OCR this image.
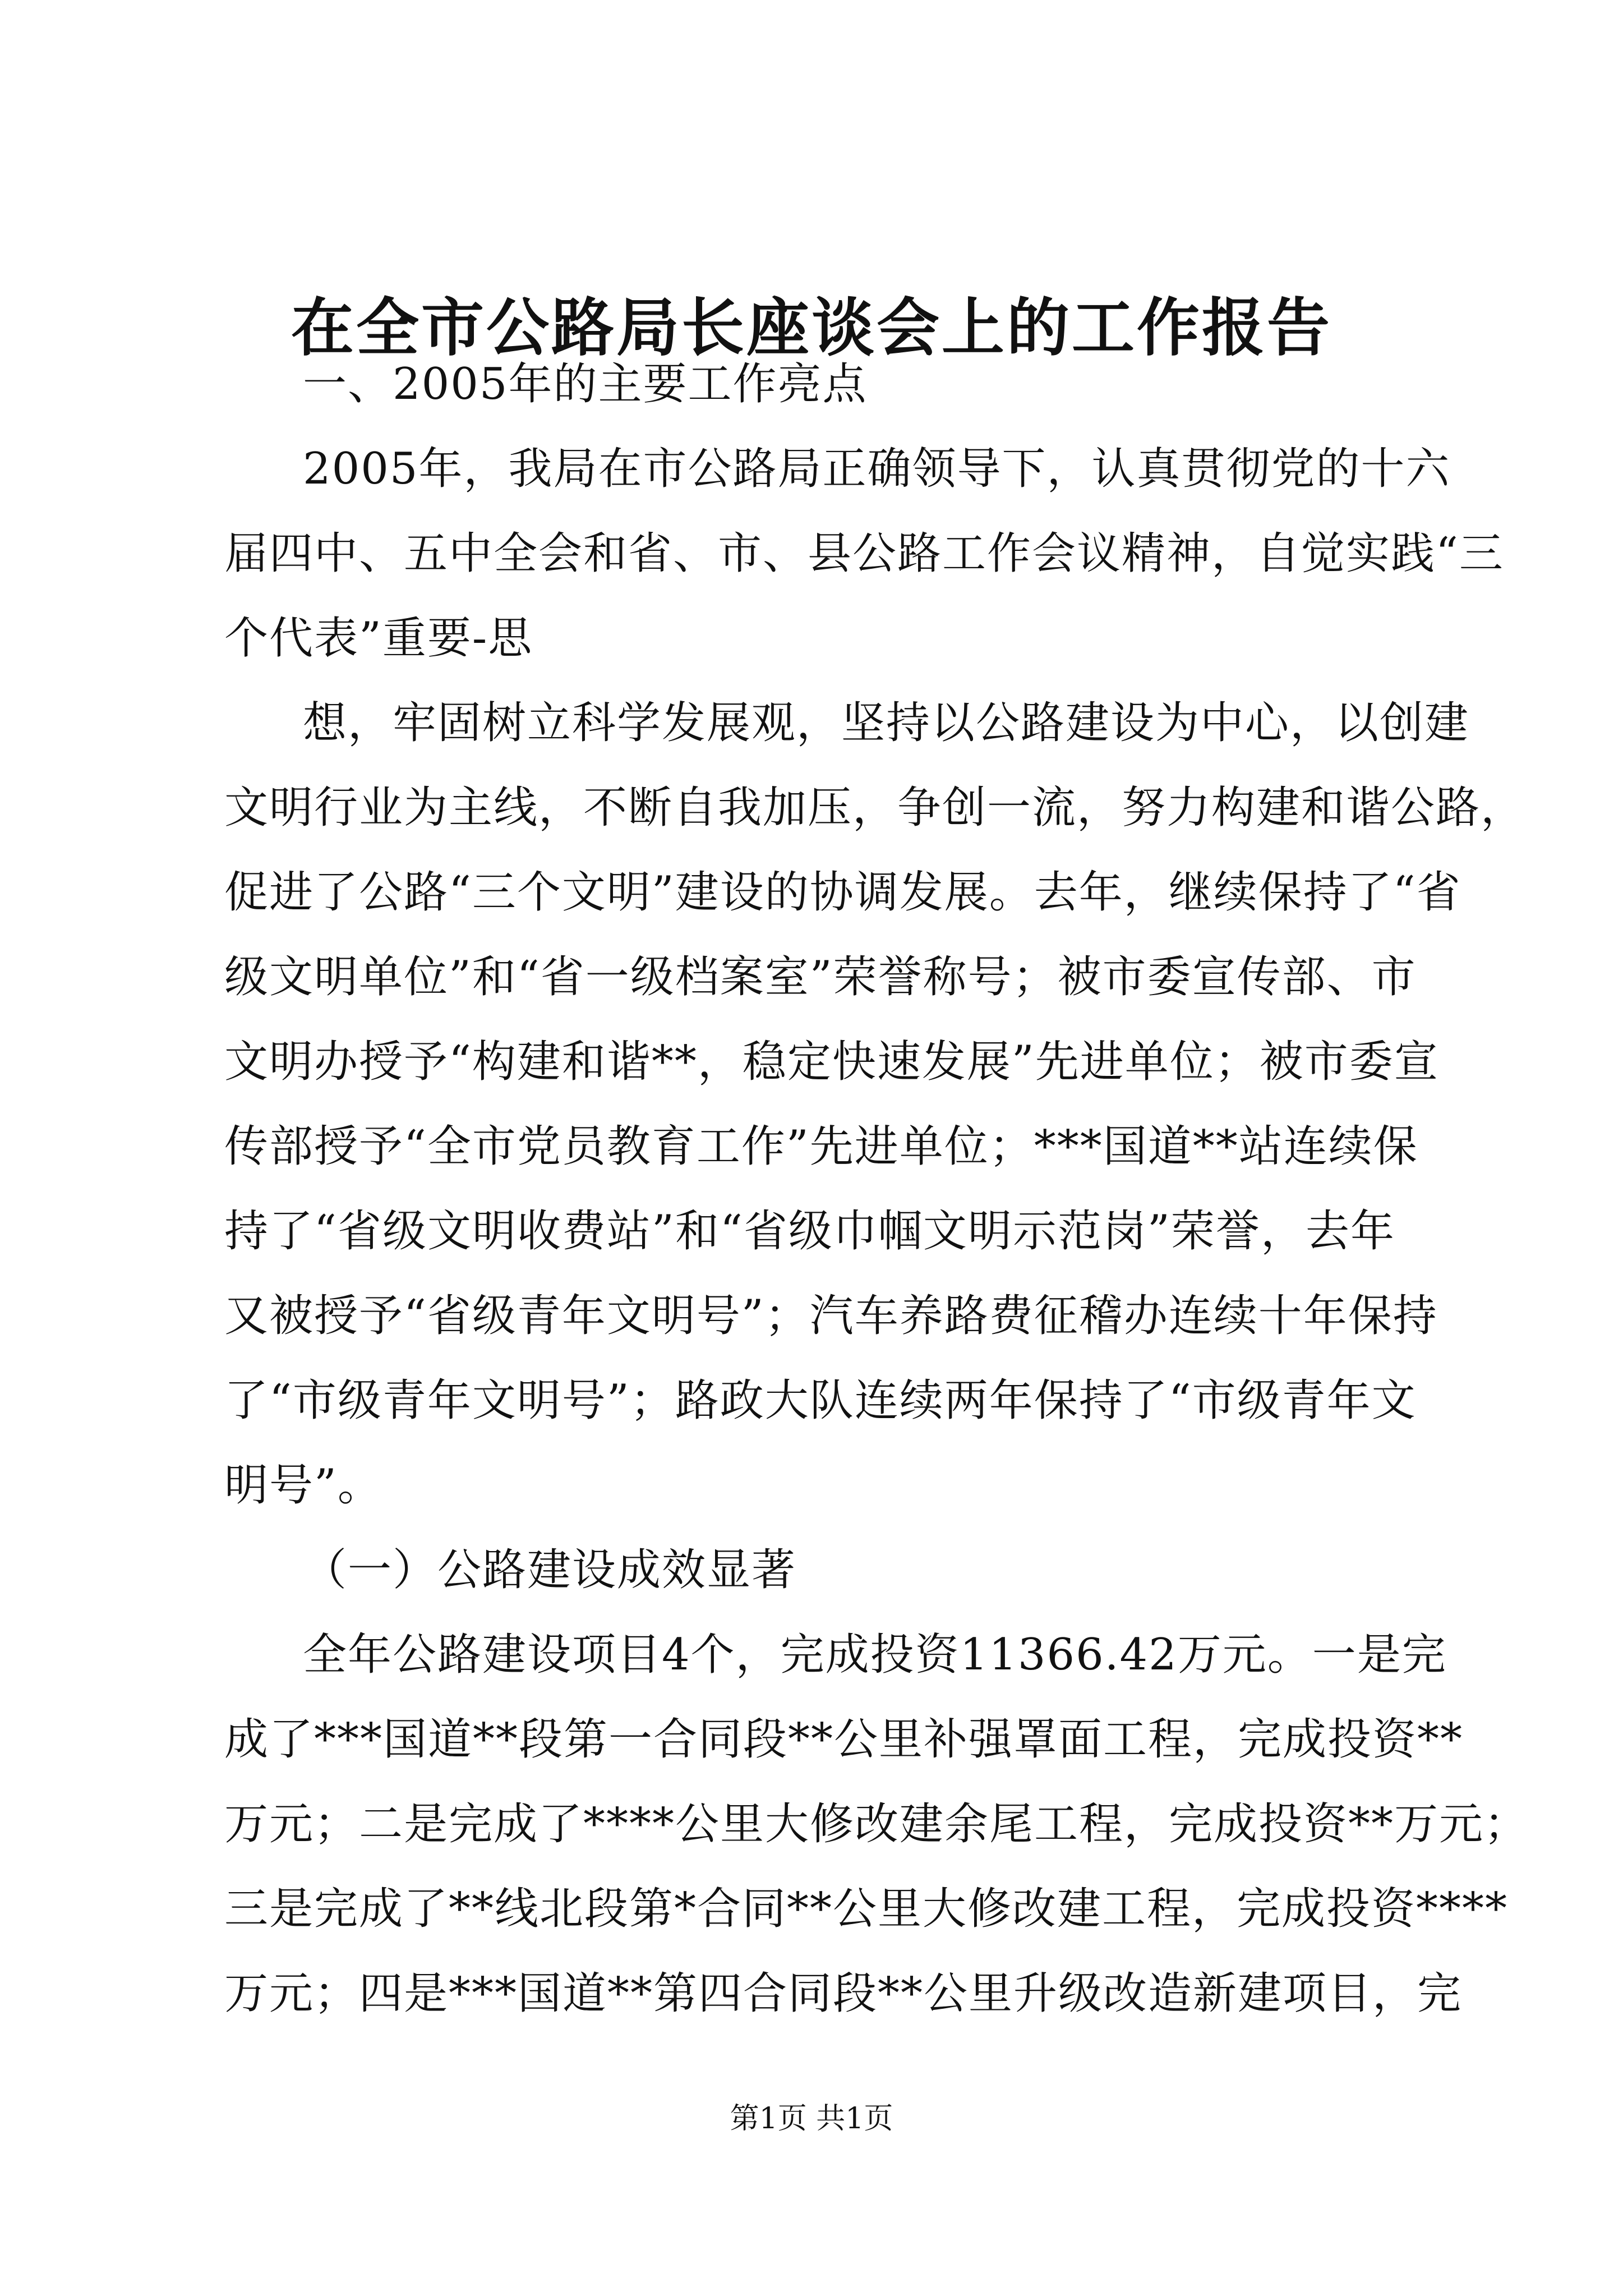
在全市公路局长座谈会上的工作报告
一、2005年的主要工作亮点
2005年，我局在市公路局正确领导下，认真贯彻党的十六
届四中、五中全会和省、市、县公路工作会议精神，自觉实践“三
个代表”重要-思
想，牢固树立科学发展观，坚持以公路建设为中心，以创建
文明行业为主线，不断自我加压，争创一流，努力构建和谐公路，
促进了公路“三个文明”建设的协调发展。去年，继续保持了“省
级文明单位”和“省一级档案室”荣誉称号；被市委宣传部、市
文明办授予“构建和谐**，稳定快速发展”先进单位；被市委宣
传部授予“全市党员教育工作”先进单位；***国道**站连续保
持了“省级文明收费站”和“省级巾帼文明示范岗”荣誉，去年
又被授予“省级青年文明号”；汽车养路费征稽办连续十年保持
了“市级青年文明号”；路政大队连续两年保持了“市级青年文
明号”。
（一）公路建设成效显著
全年公路建设项目4个，完成投资11366.42万元。一是完
成了***国道**段第一合同段**公里补强罩面工程，完成投资**
万元；二是完成了****公里大修改建余尾工程，完成投资**万元；
三是完成了**线北段第*合同**公里大修改建工程，完成投资****
万元；四是***国道**第四合同段**公里升级改造新建项目，完
第1页 共1页
